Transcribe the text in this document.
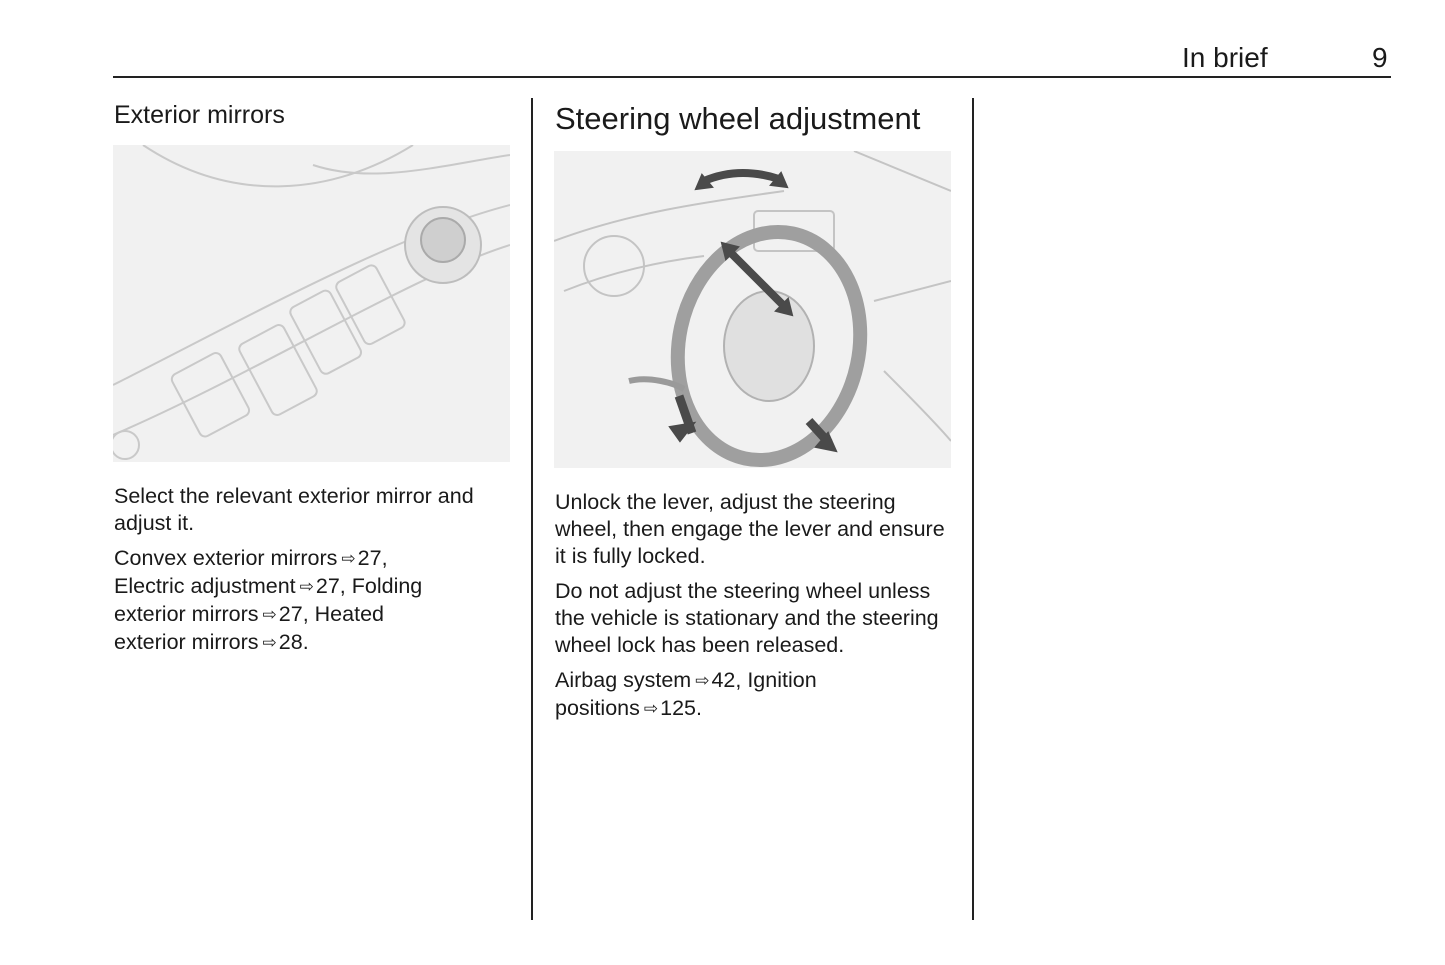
In brief	9
Exterior mirrors

Select the relevant exterior mirror and adjust it.

Convex exterior mirrors ⇨27,
Electric adjustment ⇨27, Folding
exterior mirrors ⇨27, Heated
exterior mirrors ⇨28.

Steering wheel adjustment

Unlock the lever, adjust the steering wheel, then engage the lever and ensure it is fully locked.

Do not adjust the steering wheel unless the vehicle is stationary and the steering wheel lock has been released.

Airbag system ⇨42, Ignition
positions ⇨125.
